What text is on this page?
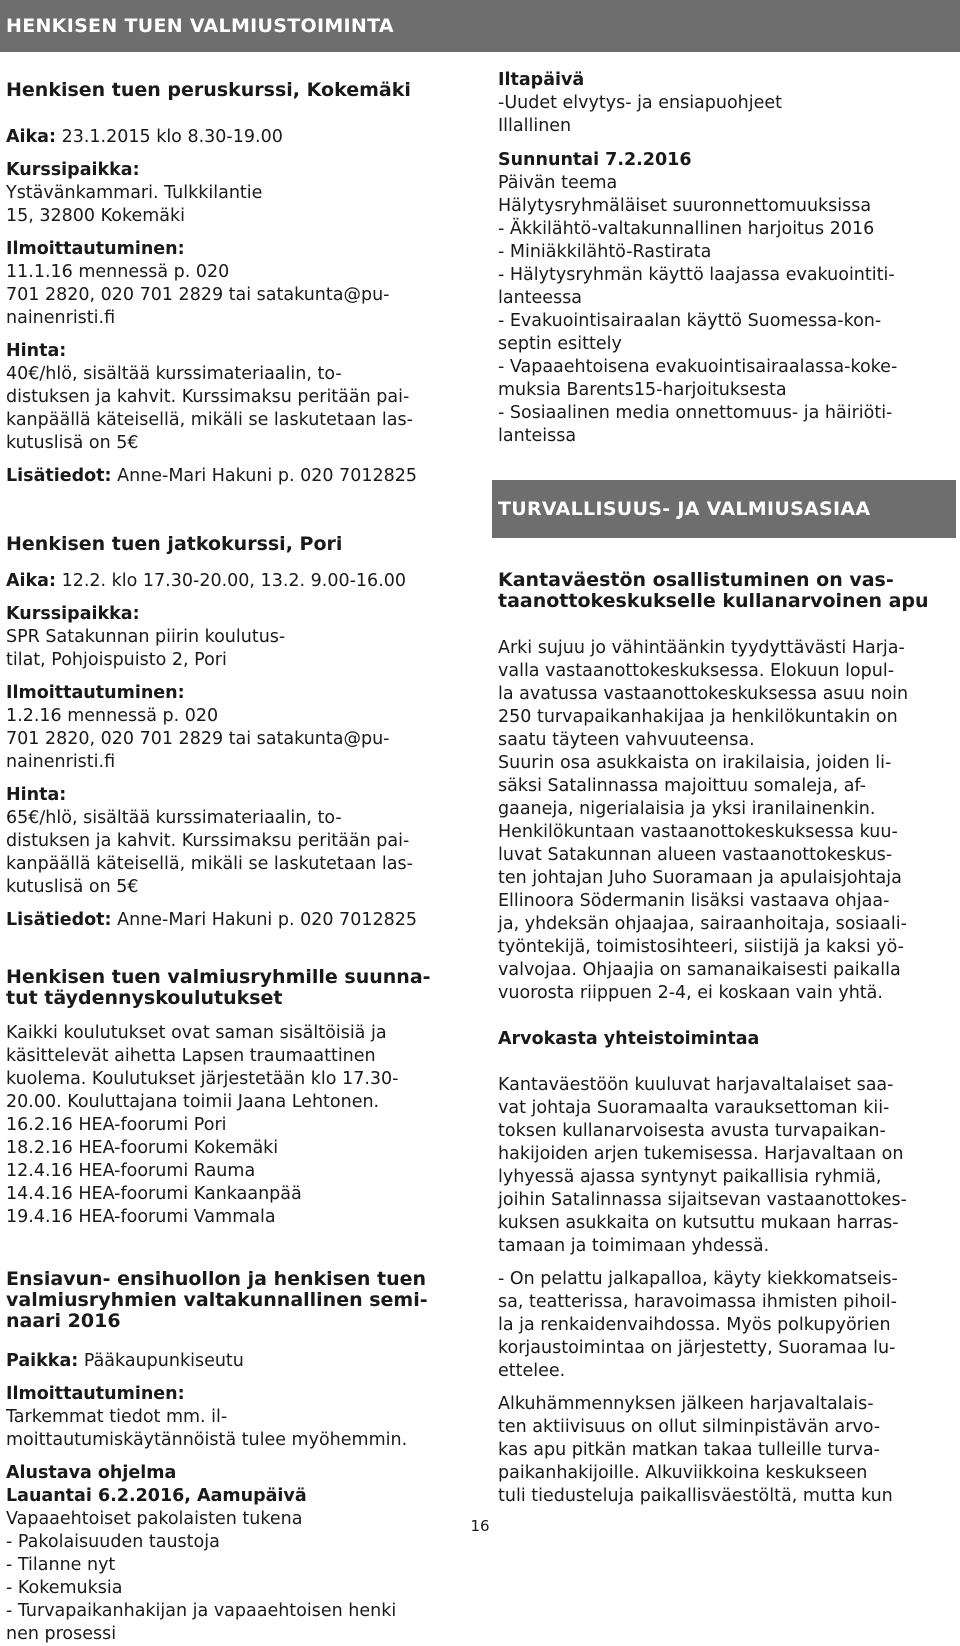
HENKISEN TUEN VALMIUSTOIMINTA

Henkisen tuen peruskurssi, Kokemäki

Aika: 23.1.2015 klo 8.30-19.00

Kurssipaikka:
Ystävänkammari. Tulkkilantie
15, 32800 Kokemäki

Ilmoittautuminen:
11.1.16 mennessä p. 020
701 2820, 020 701 2829 tai satakunta@pu-
nainenristi.fi

Hinta:
40€/hlö, sisältää kurssimateriaalin, to-
distuksen ja kahvit. Kurssimaksu peritään pai-
kanpäällä käteisellä, mikäli se laskutetaan las-
kutuslisä on 5€

Lisätiedot: Anne-Mari Hakuni p. 020 7012825

Henkisen tuen jatkokurssi, Pori

Aika: 12.2. klo 17.30-20.00, 13.2. 9.00-16.00

Kurssipaikka:
SPR Satakunnan piirin koulutus-
tilat, Pohjoispuisto 2, Pori

Ilmoittautuminen:
1.2.16 mennessä p. 020
701 2820, 020 701 2829 tai satakunta@pu-
nainenristi.fi

Hinta:
65€/hlö, sisältää kurssimateriaalin, to-
distuksen ja kahvit. Kurssimaksu peritään pai-
kanpäällä käteisellä, mikäli se laskutetaan las-
kutuslisä on 5€

Lisätiedot: Anne-Mari Hakuni p. 020 7012825

Henkisen tuen valmiusryhmille suunna-
tut täydennyskoulutukset

Kaikki koulutukset ovat saman sisältöisiä ja
käsittelevät aihetta Lapsen traumaattinen
kuolema. Koulutukset järjestetään klo 17.30-
20.00. Kouluttajana toimii Jaana Lehtonen.
16.2.16 HEA-foorumi Pori
18.2.16 HEA-foorumi Kokemäki
12.4.16 HEA-foorumi Rauma
14.4.16 HEA-foorumi Kankaanpää
19.4.16 HEA-foorumi Vammala

Ensiavun- ensihuollon ja henkisen tuen
valmiusryhmien valtakunnallinen semi-
naari 2016

Paikka: Pääkaupunkiseutu

Ilmoittautuminen:
Tarkemmat tiedot mm. il-
moittautumiskäytännöistä tulee myöhemmin.

Alustava ohjelma

Lauantai 6.2.2016, Aamupäivä

Vapaaehtoiset pakolaisten tukena
- Pakolaisuuden taustoja
- Tilanne nyt
- Kokemuksia
- Turvapaikanhakijan ja vapaaehtoisen henki
nen prosessi

Iltapäivä

-Uudet elvytys- ja ensiapuohjeet
Illallinen

Sunnuntai 7.2.2016

Päivän teema
Hälytysryhmäläiset suuronnettomuuksissa
- Äkkilähtö-valtakunnallinen harjoitus 2016
- Miniäkkilähtö-Rastirata
- Hälytysryhmän käyttö laajassa evakuointiti-
lanteessa
- Evakuointisairaalan käyttö Suomessa-kon-
septin esittely
- Vapaaehtoisena evakuointisairaalassa-koke-
muksia Barents15-harjoituksesta
- Sosiaalinen media onnettomuus- ja häiriöti-
lanteissa

TURVALLISUUS- JA VALMIUSASIAA

Kantaväestön osallistuminen on vas-
taanottokeskukselle kullanarvoinen apu

Arki sujuu jo vähintäänkin tyydyttävästi Harja-
valla vastaanottokeskuksessa. Elokuun lopul-
la avatussa vastaanottokeskuksessa asuu noin
250 turvapaikanhakijaa ja henkilökuntakin on
saatu täyteen vahvuuteensa.
Suurin osa asukkaista on irakilaisia, joiden li-
säksi Satalinnassa majoittuu somaleja, af-
gaaneja, nigerialaisia ja yksi iranilainenkin.
Henkilökuntaan vastaanottokeskuksessa kuu-
luvat Satakunnan alueen vastaanottokeskus-
ten johtajan Juho Suoramaan ja apulaisjohtaja
Ellinoora Södermanin lisäksi vastaava ohjaa-
ja, yhdeksän ohjaajaa, sairaanhoitaja, sosiaali-
työntekijä, toimistosihteeri, siistijä ja kaksi yö-
valvojaa. Ohjaajia on samanaikaisesti paikalla
vuorosta riippuen 2-4, ei koskaan vain yhtä.

Arvokasta yhteistoimintaa

Kantaväestöön kuuluvat harjavaltalaiset saa-
vat johtaja Suoramaalta varauksettoman kii-
toksen kullanarvoisesta avusta turvapaikan-
hakijoiden arjen tukemisessa. Harjavaltaan on
lyhyessä ajassa syntynyt paikallisia ryhmiä,
joihin Satalinnassa sijaitsevan vastaanottokes-
kuksen asukkaita on kutsuttu mukaan harras-
tamaan ja toimimaan yhdessä.

- On pelattu jalkapalloa, käyty kiekkomatseis-
sa, teatterissa, haravoimassa ihmisten pihoil-
la ja renkaidenvaihdossa. Myös polkupyörien
korjaustoimintaa on järjestetty, Suoramaa lu-
ettelee.

Alkuhämmennyksen jälkeen harjavaltalais-
ten aktiivisuus on ollut silminpistävän arvo-
kas apu pitkän matkan takaa tulleille turva-
paikanhakijoille. Alkuviikkoina keskukseen
tuli tiedusteluja paikallisväestöltä, mutta kun

16
